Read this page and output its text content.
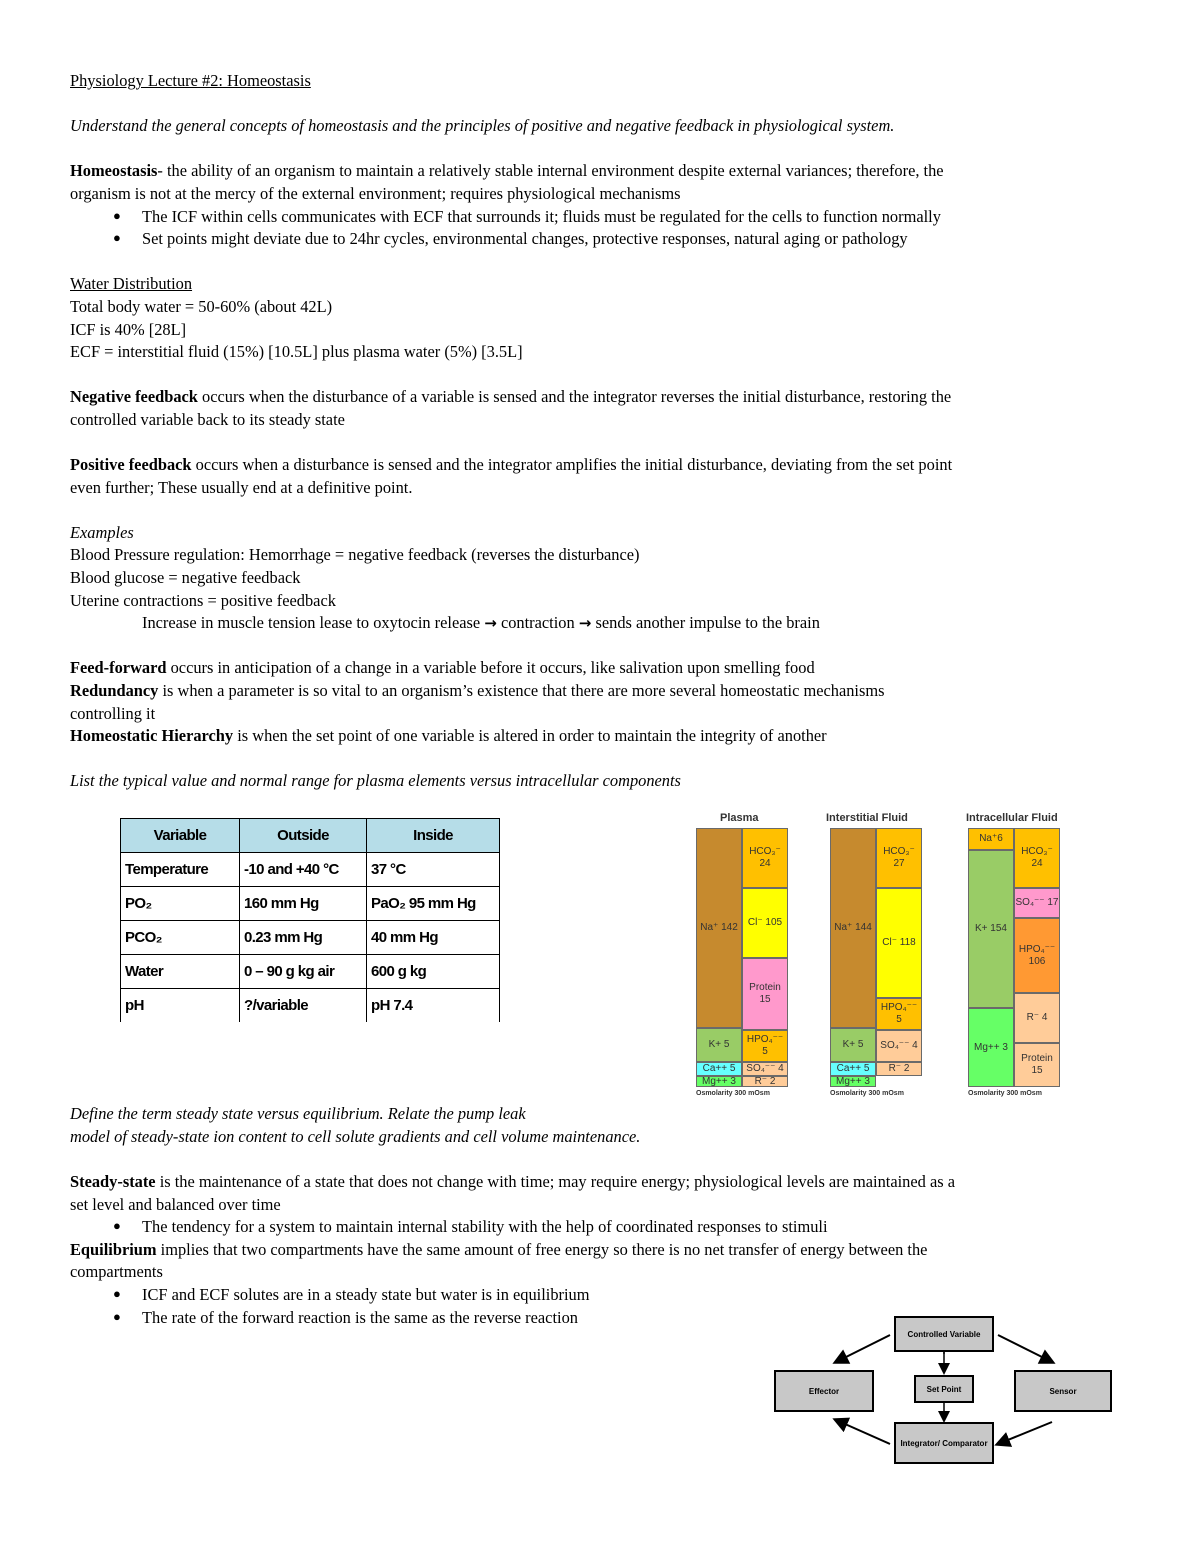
Physiology Lecture #2: Homeostasis

Understand the general concepts of homeostasis and the principles of positive and negative feedback in physiological system.

Homeostasis- the ability of an organism to maintain a relatively stable internal environment despite external variances; therefore, the
organism is not at the mercy of the external environment; requires physiological mechanisms

● The ICF within cells communicates with ECF that surrounds it; fluids must be regulated for the cells to function normally
● Set points might deviate due to 24hr cycles, environmental changes, protective responses, natural aging or pathology

Water Distribution

Total body water = 50-60% (about 42L)

ICF is 40% [28L]

ECF = interstitial fluid (15%) [10.5L] plus plasma water (5%) [3.5L]

Negative feedback occurs when the disturbance of a variable is sensed and the integrator reverses the initial disturbance, restoring the
controlled variable back to its steady state

Positive feedback occurs when a disturbance is sensed and the integrator amplifies the initial disturbance, deviating from the set point
even further; These usually end at a definitive point.

Examples

Blood Pressure regulation: Hemorrhage = negative feedback (reverses the disturbance)

Blood glucose = negative feedback

Uterine contractions = positive feedback

Increase in muscle tension lease to oxytocin release → contraction → sends another impulse to the brain

Feed-forward occurs in anticipation of a change in a variable before it occurs, like salivation upon smelling food

Redundancy is when a parameter is so vital to an organism’s existence that there are more several homeostatic mechanisms
controlling it

Homeostatic Hierarchy is when the set point of one variable is altered in order to maintain the integrity of another

List the typical value and normal range for plasma elements versus intracellular components

Variable	Outside	Inside
Temperature	-10 and +40 °C	37 °C
PO₂	160 mm Hg	PaO₂ 95 mm Hg
PCO₂	0.23 mm Hg	40 mm Hg
Water	0 – 90 g kg air	600 g kg
pH	?/variable	pH 7.4
Plasma
Na⁺ 142
K+ 5
Ca++ 5
Mg++ 3
HCO₃⁻ 24
Cl⁻ 105
Protein 15
HPO₄⁻⁻ 5
SO₄⁻⁻ 4
R⁻ 2
Osmolarity 300 mOsm
Interstitial Fluid
Na⁺ 144
K+ 5
Ca++ 5
Mg++ 3
HCO₃⁻ 27
Cl⁻ 118
HPO₄⁻⁻ 5
SO₄⁻⁻ 4
R⁻ 2
Osmolarity 300 mOsm
Intracellular Fluid
Na⁺6
K+ 154
Mg++ 3
HCO₃⁻ 24
SO₄⁻⁻ 17
HPO₄⁻⁻ 106
R⁻ 4
Protein 15
Osmolarity 300 mOsm

Define the term steady state versus equilibrium. Relate the pump leak

model of steady-state ion content to cell solute gradients and cell volume maintenance.

Steady-state is the maintenance of a state that does not change with time; may require energy; physiological levels are maintained as a
set level and balanced over time

● The tendency for a system to maintain internal stability with the help of coordinated responses to stimuli

Equilibrium implies that two compartments have the same amount of free energy so there is no net transfer of energy between the
compartments

● ICF and ECF solutes are in a steady state but water is in equilibrium
● The rate of the forward reaction is the same as the reverse reaction
Controlled Variable
Effector	Set Point	Sensor
Integrator/ Comparator
